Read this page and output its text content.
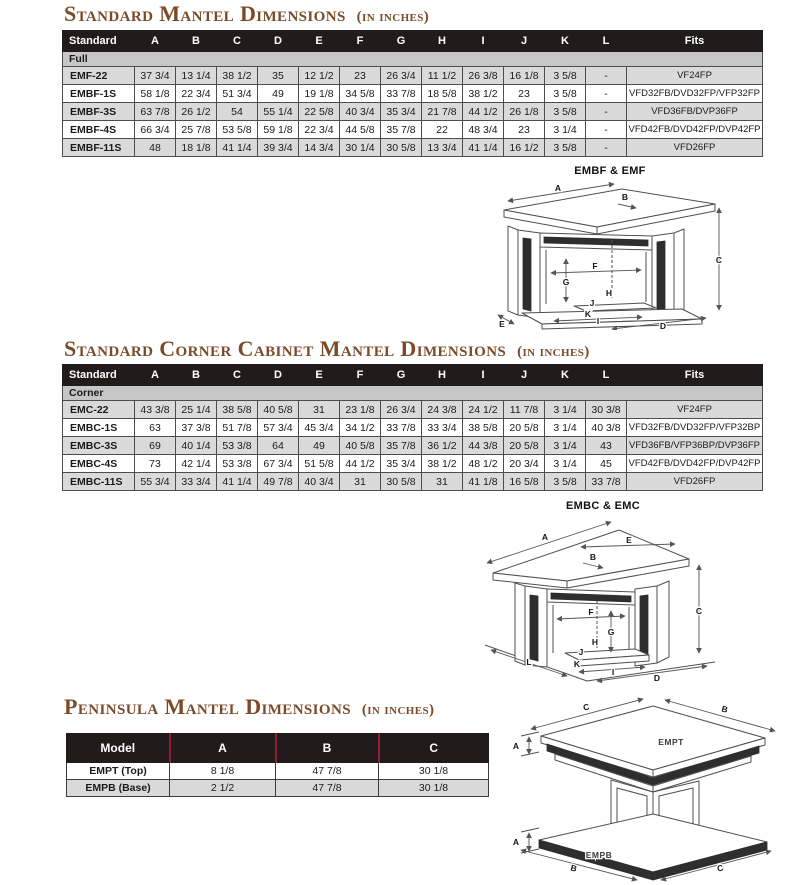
Standard Mantel Dimensions (in inches)
Standard	A	B	C	D	E	F	G	H	I	J	K	L	Fits
Full													
EMF-22	37 3/4	13 1/4	38 1/2	35	12 1/2	23	26 3/4	11 1/2	26 3/8	16 1/8	3 5/8	-	VF24FP
EMBF-1S	58 1/8	22 3/4	51 3/4	49	19 1/8	34 5/8	33 7/8	18 5/8	38 1/2	23	3 5/8	-	VFD32FB/DVD32FP/VFP32FP
EMBF-3S	63 7/8	26 1/2	54	55 1/4	22 5/8	40 3/4	35 3/4	21 7/8	44 1/2	26 1/8	3 5/8	-	VFD36FB/DVP36FP
EMBF-4S	66 3/4	25 7/8	53 5/8	59 1/8	22 3/4	44 5/8	35 7/8	22	48 3/4	23	3 1/4	-	VFD42FB/DVD42FP/DVP42FP
EMBF-11S	48	18 1/8	41 1/4	39 3/4	14 3/4	30 1/4	30 5/8	13 3/4	41 1/4	16 1/2	3 5/8	-	VFD26FP
EMBF & EMF
A
B
C
D
E
F
G
H
I
J
K
Standard Corner Cabinet Mantel Dimensions (in inches)
Standard	A	B	C	D	E	F	G	H	I	J	K	L	Fits
Corner													
EMC-22	43 3/8	25 1/4	38 5/8	40 5/8	31	23 1/8	26 3/4	24 3/8	24 1/2	11 7/8	3 1/4	30 3/8	VF24FP
EMBC-1S	63	37 3/8	51 7/8	57 3/4	45 3/4	34 1/2	33 7/8	33 3/4	38 5/8	20 5/8	3 1/4	40 3/8	VFD32FB/DVD32FP/VFP32BP
EMBC-3S	69	40 1/4	53 3/8	64	49	40 5/8	35 7/8	36 1/2	44 3/8	20 5/8	3 1/4	43	VFD36FB/VFP36BP/DVP36FP
EMBC-4S	73	42 1/4	53 3/8	67 3/4	51 5/8	44 1/2	35 3/4	38 1/2	48 1/2	20 3/4	3 1/4	45	VFD42FB/DVD42FP/DVP42FP
EMBC-11S	55 3/4	33 3/4	41 1/4	49 7/8	40 3/4	31	30 5/8	31	41 1/8	16 5/8	3 5/8	33 7/8	VFD26FP
EMBC & EMC
A
B
C
D
E
F
G
H
I
J
K
L
Peninsula Mantel Dimensions (in inches)
Model	A	B	C
EMPT (Top)	8 1/8	47 7/8	30 1/8
EMPB (Base)	2 1/2	47 7/8	30 1/8
C	B
A
A
B	C
EMPT
EMPB
